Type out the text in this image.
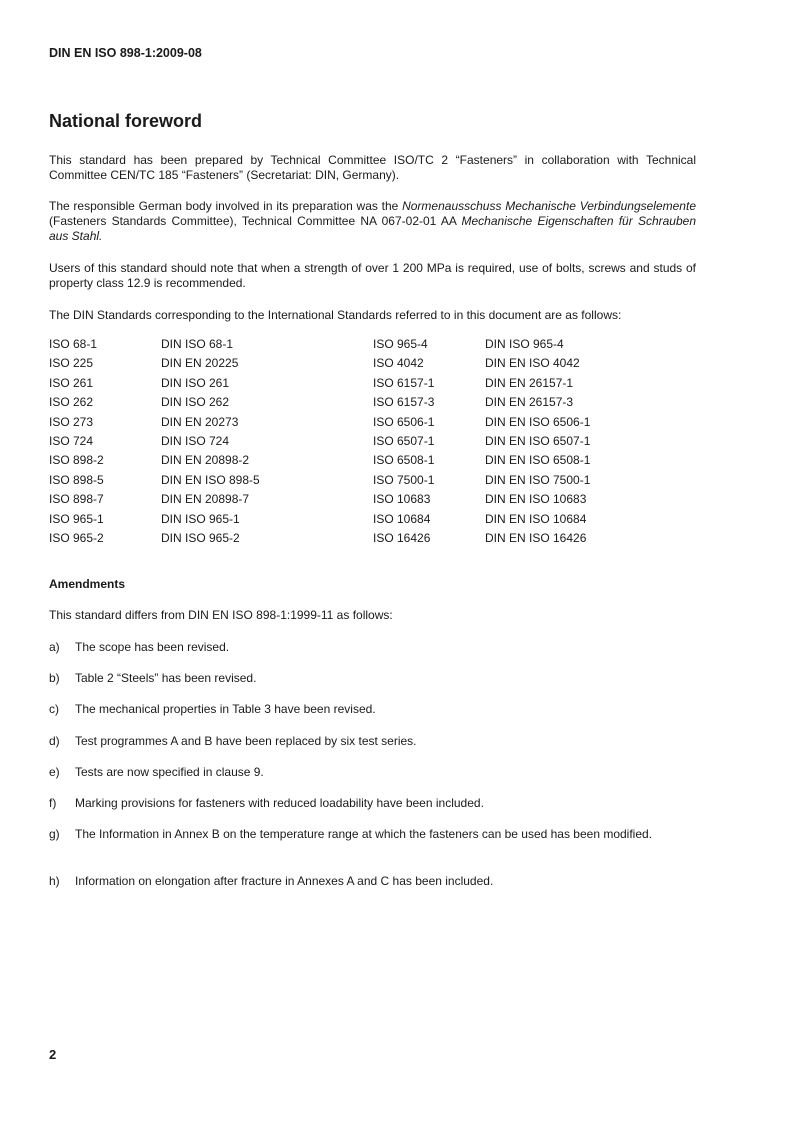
DIN EN ISO 898-1:2009-08
National foreword
This standard has been prepared by Technical Committee ISO/TC 2 “Fasteners” in collaboration with Technical Committee CEN/TC 185 “Fasteners” (Secretariat: DIN, Germany).
The responsible German body involved in its preparation was the Normenausschuss Mechanische Verbindungselemente (Fasteners Standards Committee), Technical Committee NA 067-02-01 AA Mechanische Eigenschaften für Schrauben aus Stahl.
Users of this standard should note that when a strength of over 1 200 MPa is required, use of bolts, screws and studs of property class 12.9 is recommended.
The DIN Standards corresponding to the International Standards referred to in this document are as follows:
ISO 68-1	DIN ISO 68-1	ISO 965-4	DIN ISO 965-4
ISO 225	DIN EN 20225	ISO 4042	DIN EN ISO 4042
ISO 261	DIN ISO 261	ISO 6157-1	DIN EN 26157-1
ISO 262	DIN ISO 262	ISO 6157-3	DIN EN 26157-3
ISO 273	DIN EN 20273	ISO 6506-1	DIN EN ISO 6506-1
ISO 724	DIN ISO 724	ISO 6507-1	DIN EN ISO 6507-1
ISO 898-2	DIN EN 20898-2	ISO 6508-1	DIN EN ISO 6508-1
ISO 898-5	DIN EN ISO 898-5	ISO 7500-1	DIN EN ISO 7500-1
ISO 898-7	DIN EN 20898-7	ISO 10683	DIN EN ISO 10683
ISO 965-1	DIN ISO 965-1	ISO 10684	DIN EN ISO 10684
ISO 965-2	DIN ISO 965-2	ISO 16426	DIN EN ISO 16426
Amendments
This standard differs from DIN EN ISO 898-1:1999-11 as follows:
a) The scope has been revised.
b) Table 2 “Steels” has been revised.
c) The mechanical properties in Table 3 have been revised.
d) Test programmes A and B have been replaced by six test series.
e) Tests are now specified in clause 9.
f) Marking provisions for fasteners with reduced loadability have been included.
g) The Information in Annex B on the temperature range at which the fasteners can be used has been modified.
h) Information on elongation after fracture in Annexes A and C has been included.
2
